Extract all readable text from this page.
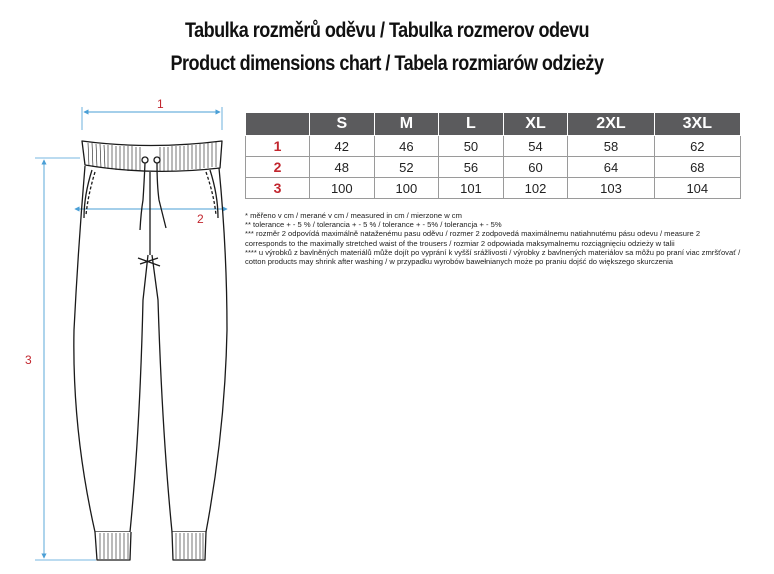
Tabulka rozměrů oděvu / Tabulka rozmerov odevu
Product dimensions chart / Tabela rozmiarów odzieży
1
2
3
	S	M	L	XL	2XL	3XL
1	42	46	50	54	58	62
2	48	52	56	60	64	68
3	100	100	101	102	103	104

* měřeno v cm / merané v cm / measured in cm / mierzone w cm

** tolerance + - 5 % / tolerancia + - 5 % / tolerance + - 5% / tolerancja + - 5%

*** rozměr 2 odpovídá maximálně nataženému pasu oděvu / rozmer 2 zodpovedá maximálnemu natiahnutému pásu odevu / measure 2 corresponds to the maximally stretched waist of the trousers / rozmiar 2 odpowiada maksymalnemu rozciągnięciu odzieży w talii

**** u výrobků z bavlněných materiálů může dojít po vyprání k vyšší srážlivosti / výrobky z bavlnených materiálov sa môžu po praní viac zmršťovať / cotton products may shrink after washing / w przypadku wyrobów bawełnianych może po praniu dojść do większego skurczenia
